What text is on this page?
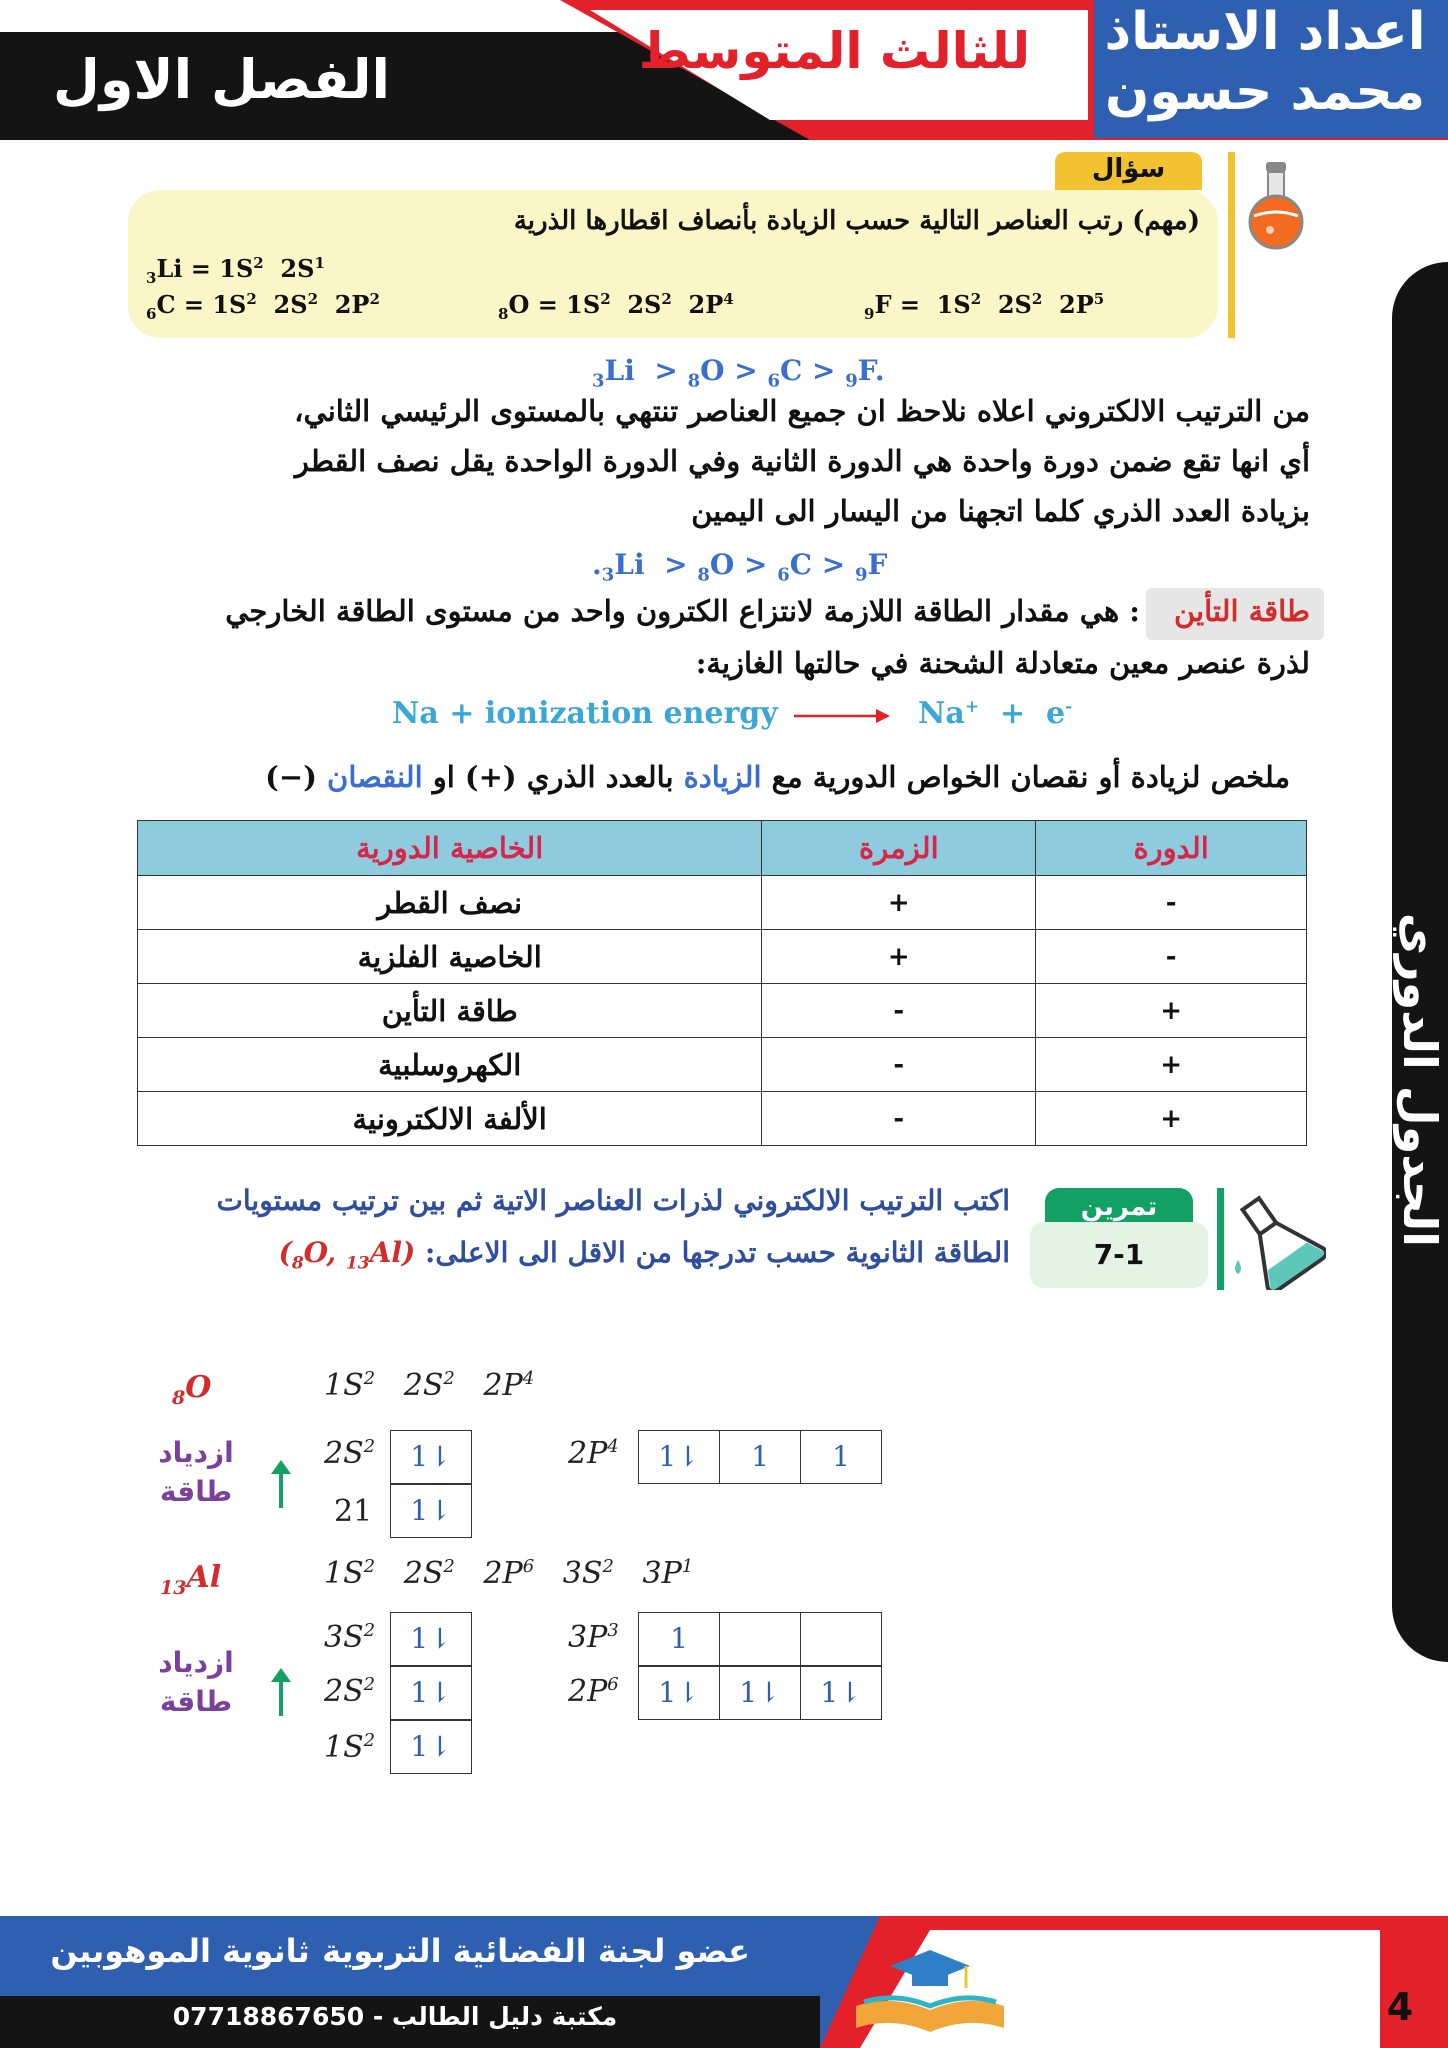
اعداد الاستاذ
محمد حسون
للثالث المتوسط
الفصل الاول
الجدول الدوري
سؤال
(مهم) رتب العناصر التالية حسب الزيادة بأنصاف اقطارها الذرية
$_3Li = 1S^2$  $2S^1$
$_6C = 1S^2$  $2S^2$  $2P^2$
$_8O = 1S^2$  $2S^2$  $2P^4$
$_9F = 1S^2$  $2S^2$  $2P^5$
$_3$Li  > $_8$O > $_6$C > $_9$F.
من الترتيب الالكتروني اعلاه نلاحظ ان جميع العناصر تنتهي بالمستوى الرئيسي الثاني،
أي انها تقع ضمن دورة واحدة هي الدورة الثانية وفي الدورة الواحدة يقل نصف القطر
بزيادة العدد الذري كلما اتجهنا من اليسار الى اليمين
$._3Li > _8O > _6C > _9F$
طاقة التأين
: هي مقدار الطاقة اللازمة لانتزاع الكترون واحد من مستوى الطاقة الخارجي
لذرة عنصر معين متعادلة الشحنة في حالتها الغازية:
Na + ionization energy	Na+  +  e-
ملخص لزيادة أو نقصان الخواص الدورية مع الزيادة بالعدد الذري (+) او النقصان (−)
الخاصية الدورية	الزمرة	الدورة
نصف القطر	+	-
الخاصية الفلزية	+	-
طاقة التأين	-	+
الكهروسلبية	-	+
الألفة الالكترونية	-	+
تمرين
7-1
اكتب الترتيب الالكتروني لذرات العناصر الاتية ثم بين ترتيب مستويات
الطاقة الثانوية حسب تدرجها من الاقل الى الاعلى: ($_8O$, $_{13}$Al)
$_8$O	$1S^2$   $2S^2$   $2P^4$
ازدياد
طاقة
$2S^2$	1⇂	$2P^4$	1⇂	1	1
21	1⇂
$_{13}$Al	$1S^2$   $2S^2$   $2P^6$   $3S^2$   $3P^1$
ازدياد
طاقة
$3S^2$	1⇂
$2S^2$	1⇂
$1S^2$	1⇂
$3P^3$	1
$2P^6$	1⇂	1⇂	1⇂
ثانوية الموهوبين عضو لجنة الفضائية التربوية
مكتبة دليل الطالب - 07718867650	4
